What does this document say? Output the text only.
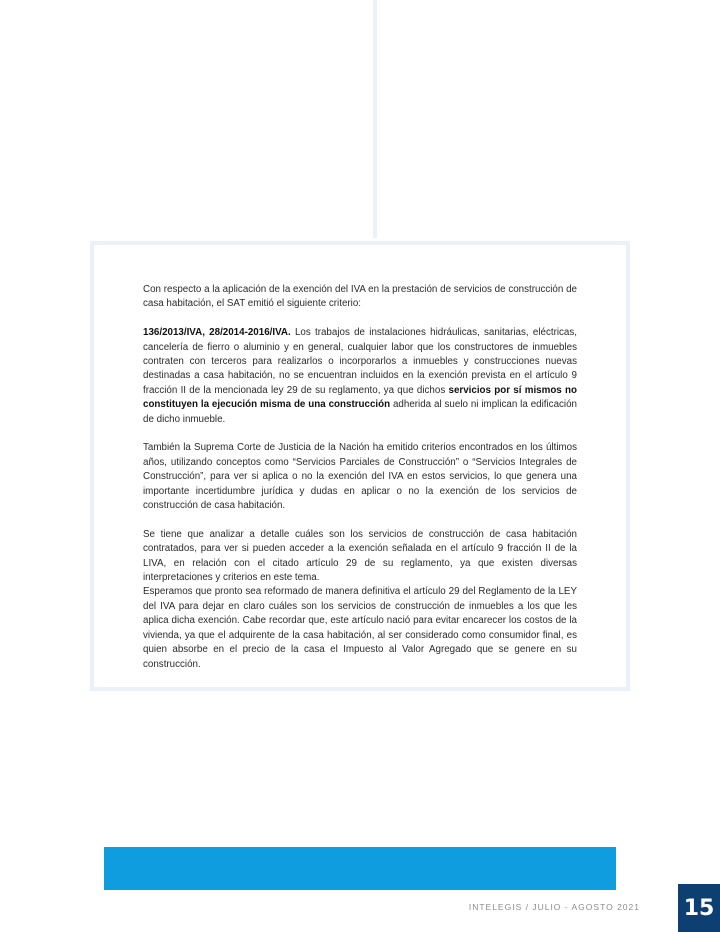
Con respecto a la aplicación de la exención del IVA en la prestación de servicios de construcción de casa habitación, el SAT emitió el siguiente criterio:

136/2013/IVA, 28/2014-2016/IVA. Los trabajos de instalaciones hidráulicas, sanitarias, eléctricas, cancelería de fierro o aluminio y en general, cualquier labor que los constructores de inmuebles contraten con terceros para realizarlos o incorporarlos a inmuebles y construcciones nuevas destinadas a casa habitación, no se encuentran incluidos en la exención prevista en el artículo 9 fracción II de la mencionada ley 29 de su reglamento, ya que dichos servicios por sí mismos no constituyen la ejecución misma de una construcción adherida al suelo ni implican la edificación de dicho inmueble.

También la Suprema Corte de Justicia de la Nación ha emitido criterios encontrados en los últimos años, utilizando conceptos como “Servicios Parciales de Construcción” o “Servicios Integrales de Construcción”, para ver si aplica o no la exención del IVA en estos servicios, lo que genera una importante incertidumbre jurídica y dudas en aplicar o no la exención de los servicios de construcción de casa habitación.

Se tiene que analizar a detalle cuáles son los servicios de construcción de casa habitación contratados, para ver si pueden acceder a la exención señalada en el artículo 9 fracción II de la LIVA, en relación con el citado artículo 29 de su reglamento, ya que existen diversas interpretaciones y criterios en este tema.

Esperamos que pronto sea reformado de manera definitiva el artículo 29 del Reglamento de la LEY del IVA para dejar en claro cuáles son los servicios de construcción de inmuebles a los que les aplica dicha exención. Cabe recordar que, este artículo nació para evitar encarecer los costos de la vivienda, ya que el adquirente de la casa habitación, al ser considerado como consumidor final, es quien absorbe en el precio de la casa el Impuesto al Valor Agregado que se genere en su construcción.

INTELEGIS / JULIO - AGOSTO 2021 15
